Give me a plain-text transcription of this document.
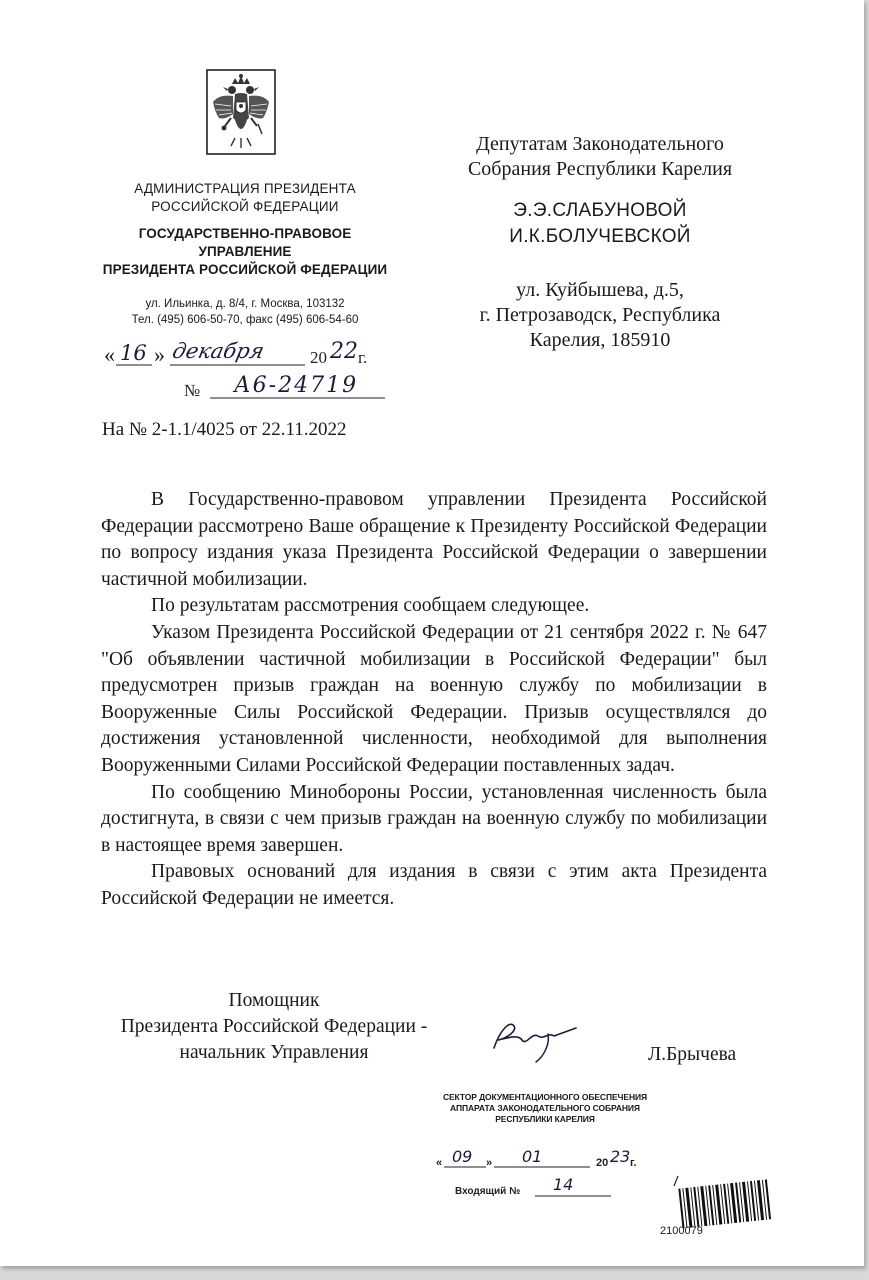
АДМИНИСТРАЦИЯ ПРЕЗИДЕНТА
РОССИЙСКОЙ ФЕДЕРАЦИИ
ГОСУДАРСТВЕННО-ПРАВОВОЕ
УПРАВЛЕНИЕ
ПРЕЗИДЕНТА РОССИЙСКОЙ ФЕДЕРАЦИИ
ул. Ильинка, д. 8/4, г. Москва, 103132
Тел. (495) 606-50-70, факс (495) 606-54-60
« 16 » декабря	20 22 г.
№ А6-24719
На № 2-1.1/4025 от 22.11.2022
Депутатам Законодательного
Собрания Республики Карелия
Э.Э.СЛАБУНОВОЙ
И.К.БОЛУЧЕВСКОЙ
ул. Куйбышева, д.5,
г. Петрозаводск, Республика
Карелия, 185910

В Государственно-правовом управлении Президента Российской Федерации рассмотрено Ваше обращение к Президенту Российской Федерации по вопросу издания указа Президента Российской Федерации о завершении частичной мобилизации.

По результатам рассмотрения сообщаем следующее.

Указом Президента Российской Федерации от 21 сентября 2022 г. № 647 "Об объявлении частичной мобилизации в Российской Федерации" был предусмотрен призыв граждан на военную службу по мобилизации в Вооруженные Силы Российской Федерации. Призыв осуществлялся до достижения установленной численности, необходимой для выполнения Вооруженными Силами Российской Федерации поставленных задач.

По сообщению Минобороны России, установленная численность была достигнута, в связи с чем призыв граждан на военную службу по мобилизации в настоящее время завершен.

Правовых оснований для издания в связи с этим акта Президента Российской Федерации не имеется.

Помощник
Президента Российской Федерации -
начальник Управления	Л.Брычева
СЕКТОР ДОКУМЕНТАЦИОННОГО ОБЕСПЕЧЕНИЯ
АППАРАТА ЗАКОНОДАТЕЛЬНОГО СОБРАНИЯ
РЕСПУБЛИКИ КАРЕЛИЯ
« 09 » 01	20 23 г.
Входящий № 14
2100079
